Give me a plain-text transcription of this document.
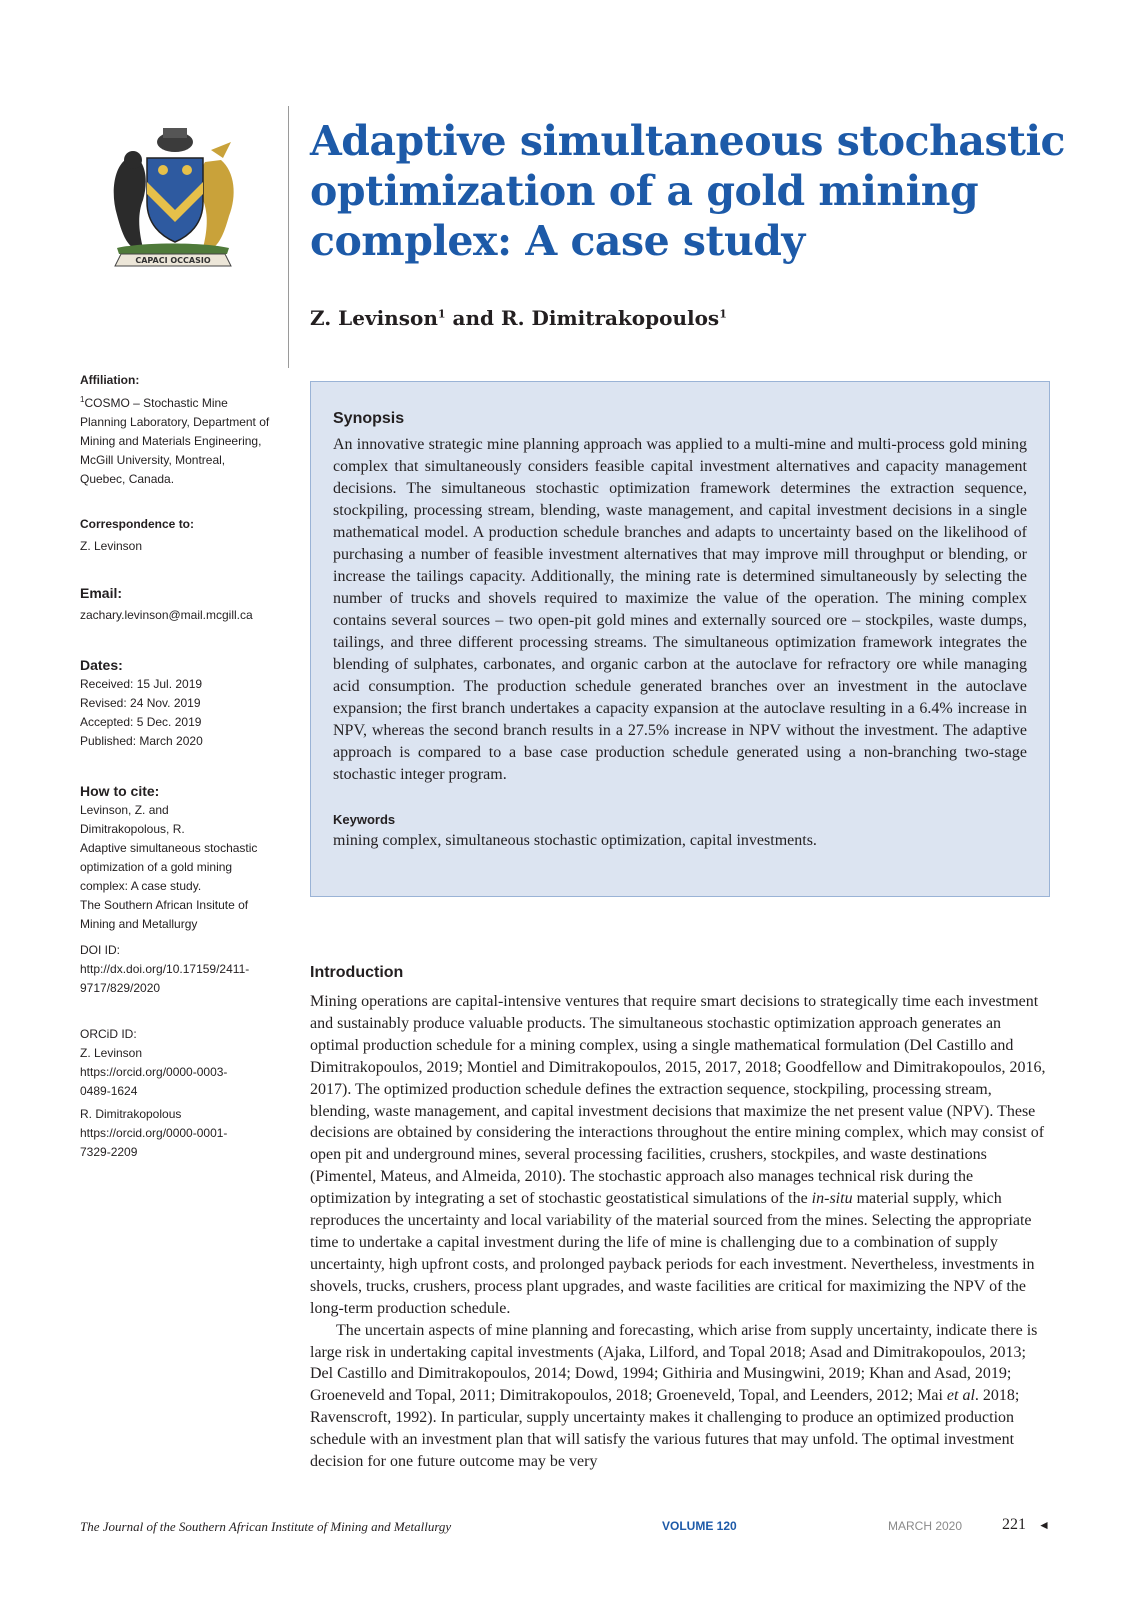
CAPACI OCCASIO
Adaptive simultaneous stochastic optimization of a gold mining complex: A case study

Z. Levinson$^1$ and R. Dimitrakopoulos$^1$

Affiliation:

$^1$COSMO – Stochastic Mine Planning Laboratory, Department of Mining and Materials Engineering, McGill University, Montreal, Quebec, Canada.

Correspondence to:

Z. Levinson

Email:

zachary.levinson@mail.mcgill.ca

Dates:

Received: 15 Jul. 2019

Revised: 24 Nov. 2019

Accepted: 5 Dec. 2019

Published: March 2020

How to cite:

Levinson, Z. and

Dimitrakopolous, R.

Adaptive simultaneous stochastic

optimization of a gold mining

complex: A case study.

The Southern African Insitute of

Mining and Metallurgy

DOI ID:

http://dx.doi.org/10.17159/2411-

9717/829/2020

ORCiD ID:

Z. Levinson

https://orcid.org/0000-0003-

0489-1624

R. Dimitrakopolous

https://orcid.org/0000-0001-

7329-2209

Synopsis

An innovative strategic mine planning approach was applied to a multi-mine and multi-process gold mining complex that simultaneously considers feasible capital investment alternatives and capacity management decisions. The simultaneous stochastic optimization framework determines the extraction sequence, stockpiling, processing stream, blending, waste management, and capital investment decisions in a single mathematical model. A production schedule branches and adapts to uncertainty based on the likelihood of purchasing a number of feasible investment alternatives that may improve mill throughput or blending, or increase the tailings capacity. Additionally, the mining rate is determined simultaneously by selecting the number of trucks and shovels required to maximize the value of the operation. The mining complex contains several sources – two open-pit gold mines and externally sourced ore – stockpiles, waste dumps, tailings, and three different processing streams. The simultaneous optimization framework integrates the blending of sulphates, carbonates, and organic carbon at the autoclave for refractory ore while managing acid consumption. The production schedule generated branches over an investment in the autoclave expansion; the first branch undertakes a capacity expansion at the autoclave resulting in a 6.4% increase in NPV, whereas the second branch results in a 27.5% increase in NPV without the investment. The adaptive approach is compared to a base case production schedule generated using a non-branching two-stage stochastic integer program.

Keywords

mining complex, simultaneous stochastic optimization, capital investments.

Introduction

Mining operations are capital-intensive ventures that require smart decisions to strategically time each investment and sustainably produce valuable products. The simultaneous stochastic optimization approach generates an optimal production schedule for a mining complex, using a single mathematical formulation (Del Castillo and Dimitrakopoulos, 2019; Montiel and Dimitrakopoulos, 2015, 2017, 2018; Goodfellow and Dimitrakopoulos, 2016, 2017). The optimized production schedule defines the extraction sequence, stockpiling, processing stream, blending, waste management, and capital investment decisions that maximize the net present value (NPV). These decisions are obtained by considering the interactions throughout the entire mining complex, which may consist of open pit and underground mines, several processing facilities, crushers, stockpiles, and waste destinations (Pimentel, Mateus, and Almeida, 2010). The stochastic approach also manages technical risk during the optimization by integrating a set of stochastic geostatistical simulations of the in-situ material supply, which reproduces the uncertainty and local variability of the material sourced from the mines. Selecting the appropriate time to undertake a capital investment during the life of mine is challenging due to a combination of supply uncertainty, high upfront costs, and prolonged payback periods for each investment. Nevertheless, investments in shovels, trucks, crushers, process plant upgrades, and waste facilities are critical for maximizing the NPV of the long-term production schedule.

The uncertain aspects of mine planning and forecasting, which arise from supply uncertainty, indicate there is large risk in undertaking capital investments (Ajaka, Lilford, and Topal 2018; Asad and Dimitrakopoulos, 2013; Del Castillo and Dimitrakopoulos, 2014; Dowd, 1994; Githiria and Musingwini, 2019; Khan and Asad, 2019; Groeneveld and Topal, 2011; Dimitrakopoulos, 2018; Groeneveld, Topal, and Leenders, 2012; Mai et al. 2018; Ravenscroft, 1992). In particular, supply uncertainty makes it challenging to produce an optimized production schedule with an investment plan that will satisfy the various futures that may unfold. The optimal investment decision for one future outcome may be very

The Journal of the Southern African Institute of Mining and Metallurgy	VOLUME 120	MARCH 2020 221 ◄
